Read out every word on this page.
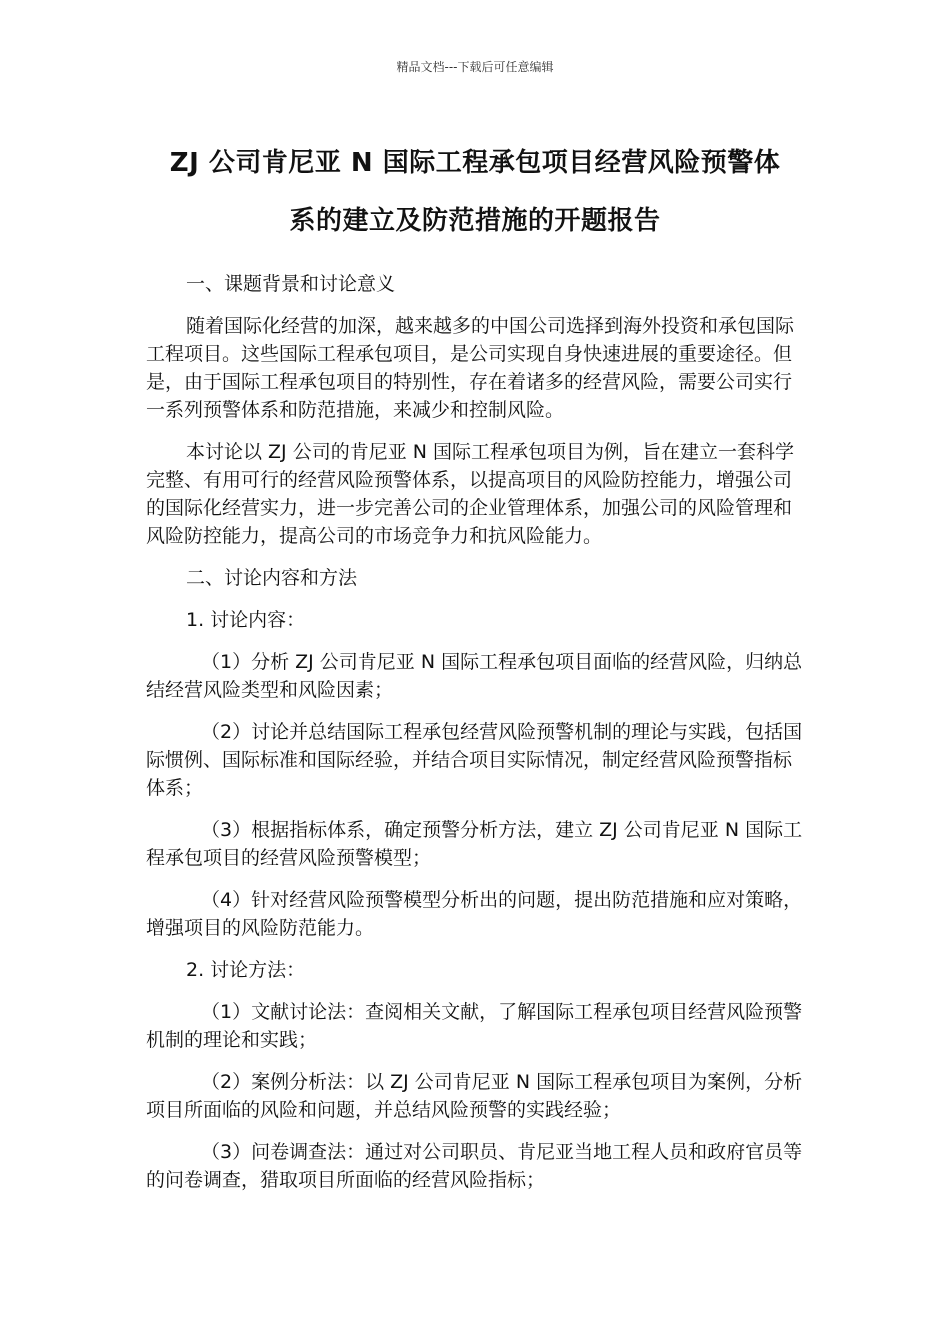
精品文档---下载后可任意编辑
ZJ 公司肯尼亚 N 国际工程承包项目经营风险预警体
系的建立及防范措施的开题报告

一、课题背景和讨论意义

随着国际化经营的加深，越来越多的中国公司选择到海外投资和承包国际工程项目。这些国际工程承包项目，是公司实现自身快速进展的重要途径。但是，由于国际工程承包项目的特别性，存在着诸多的经营风险，需要公司实行一系列预警体系和防范措施，来减少和控制风险。

本讨论以 ZJ 公司的肯尼亚 N 国际工程承包项目为例，旨在建立一套科学完整、有用可行的经营风险预警体系，以提高项目的风险防控能力，增强公司的国际化经营实力，进一步完善公司的企业管理体系，加强公司的风险管理和风险防控能力，提高公司的市场竞争力和抗风险能力。

二、讨论内容和方法

1. 讨论内容：

（1）分析 ZJ 公司肯尼亚 N 国际工程承包项目面临的经营风险，归纳总结经营风险类型和风险因素；

（2）讨论并总结国际工程承包经营风险预警机制的理论与实践，包括国际惯例、国际标准和国际经验，并结合项目实际情况，制定经营风险预警指标体系；

（3）根据指标体系，确定预警分析方法，建立 ZJ 公司肯尼亚 N 国际工程承包项目的经营风险预警模型；

（4）针对经营风险预警模型分析出的问题，提出防范措施和应对策略，增强项目的风险防范能力。

2. 讨论方法：

（1）文献讨论法：查阅相关文献，了解国际工程承包项目经营风险预警机制的理论和实践；

（2）案例分析法：以 ZJ 公司肯尼亚 N 国际工程承包项目为案例，分析项目所面临的风险和问题，并总结风险预警的实践经验；

（3）问卷调查法：通过对公司职员、肯尼亚当地工程人员和政府官员等的问卷调查，猎取项目所面临的经营风险指标；
